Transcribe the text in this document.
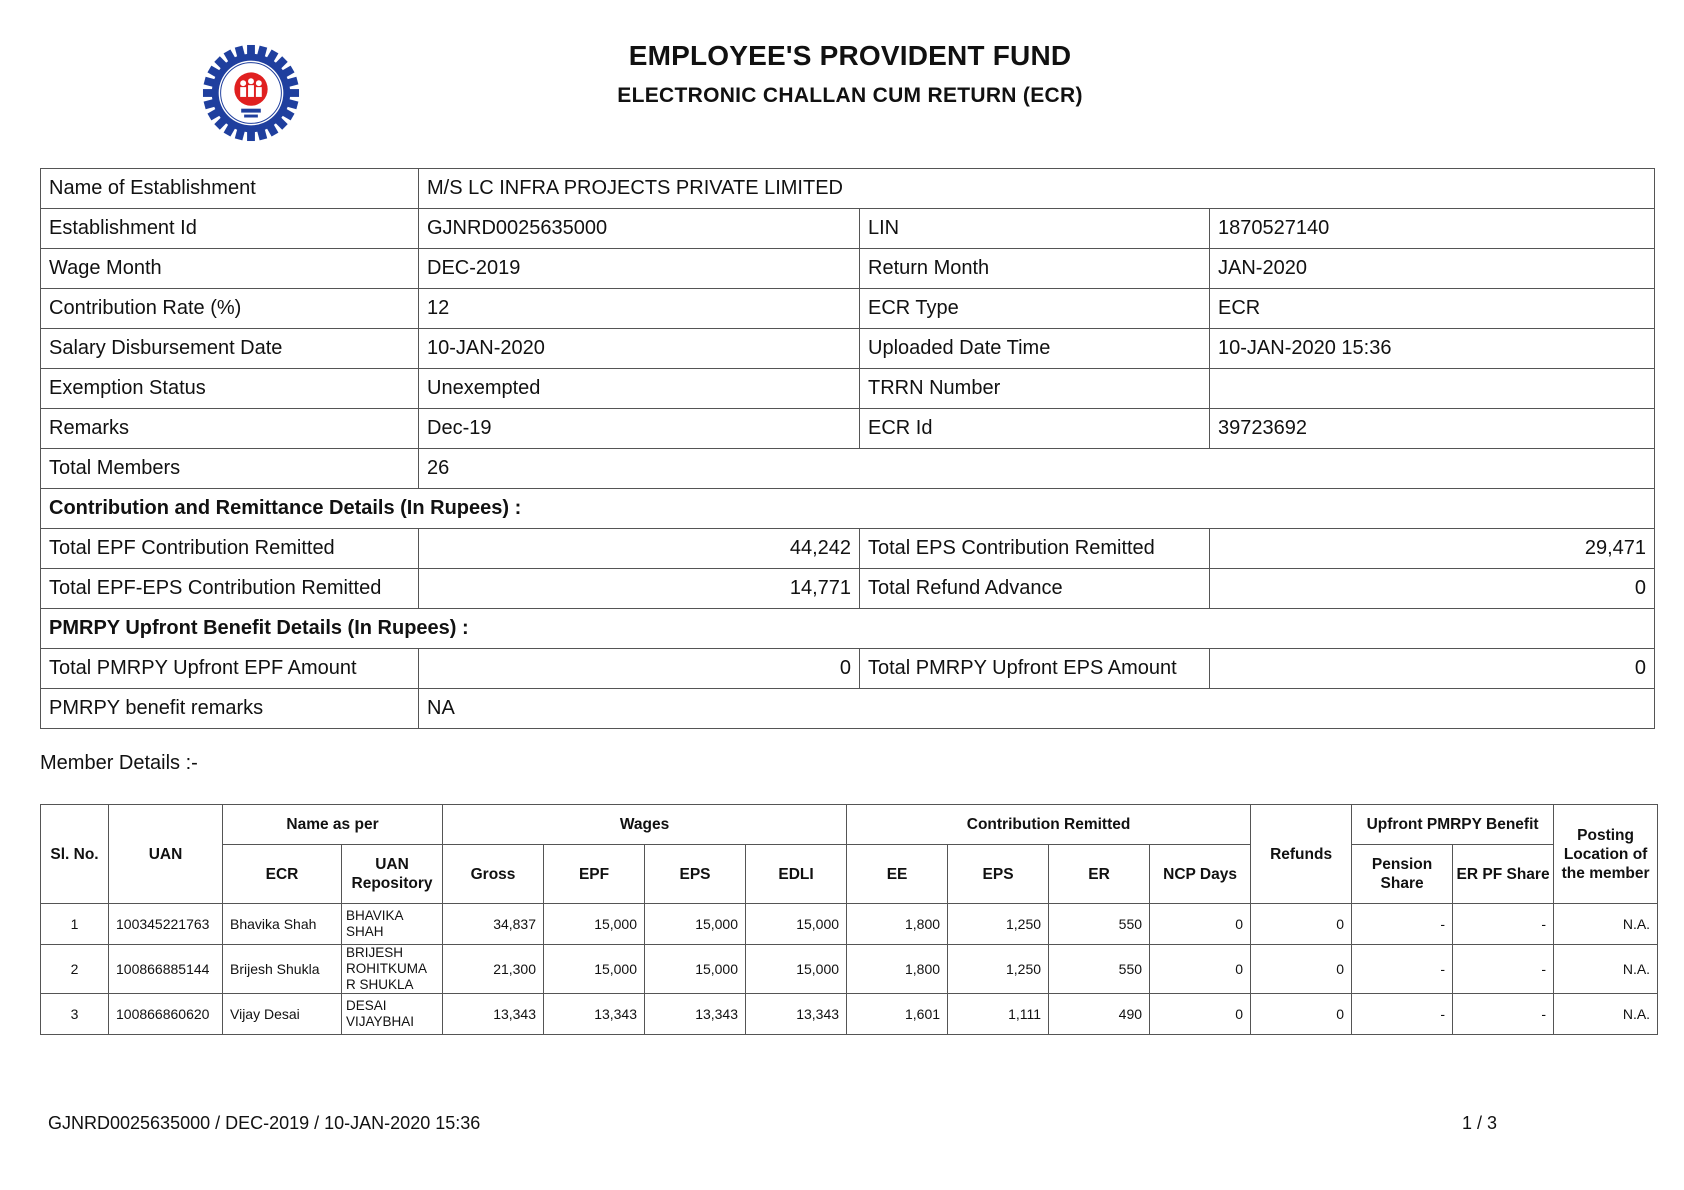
EMPLOYEE'S PROVIDENT FUND
ELECTRONIC CHALLAN CUM RETURN (ECR)
Name of Establishment	M/S LC INFRA PROJECTS PRIVATE LIMITED		
Establishment Id	GJNRD0025635000	LIN	1870527140
Wage Month	DEC-2019	Return Month	JAN-2020
Contribution Rate (%)	12	ECR Type	ECR
Salary Disbursement Date	10-JAN-2020	Uploaded Date Time	10-JAN-2020 15:36
Exemption Status	Unexempted	TRRN Number	
Remarks	Dec-19	ECR Id	39723692
Total Members	26		
Contribution and Remittance Details (In Rupees) :			
Total EPF Contribution Remitted	44,242	Total EPS Contribution Remitted	29,471
Total EPF-EPS Contribution Remitted	14,771	Total Refund Advance	0
PMRPY Upfront Benefit Details (In Rupees) :			
Total PMRPY Upfront EPF Amount	0	Total PMRPY Upfront EPS Amount	0
PMRPY benefit remarks	NA		

Member Details :-

Sl. No.	UAN	Name as per		Wages				Contribution Remitted				Refunds	Upfront PMRPY Benefit		Posting Location of the member
		ECR	UAN Repository	Gross	EPF	EPS	EDLI	EE	EPS	ER	NCP Days		Pension Share	ER PF Share	
1	100345221763	Bhavika Shah	BHAVIKA SHAH	34,837	15,000	15,000	15,000	1,800	1,250	550	0	0	-	-	N.A.
2	100866885144	Brijesh Shukla	BRIJESH ROHITKUMA R SHUKLA	21,300	15,000	15,000	15,000	1,800	1,250	550	0	0	-	-	N.A.
3	100866860620	Vijay Desai	DESAI VIJAYBHAI	13,343	13,343	13,343	13,343	1,601	1,111	490	0	0	-	-	N.A.

GJNRD0025635000 / DEC-2019 / 10-JAN-2020 15:36	1 / 3
